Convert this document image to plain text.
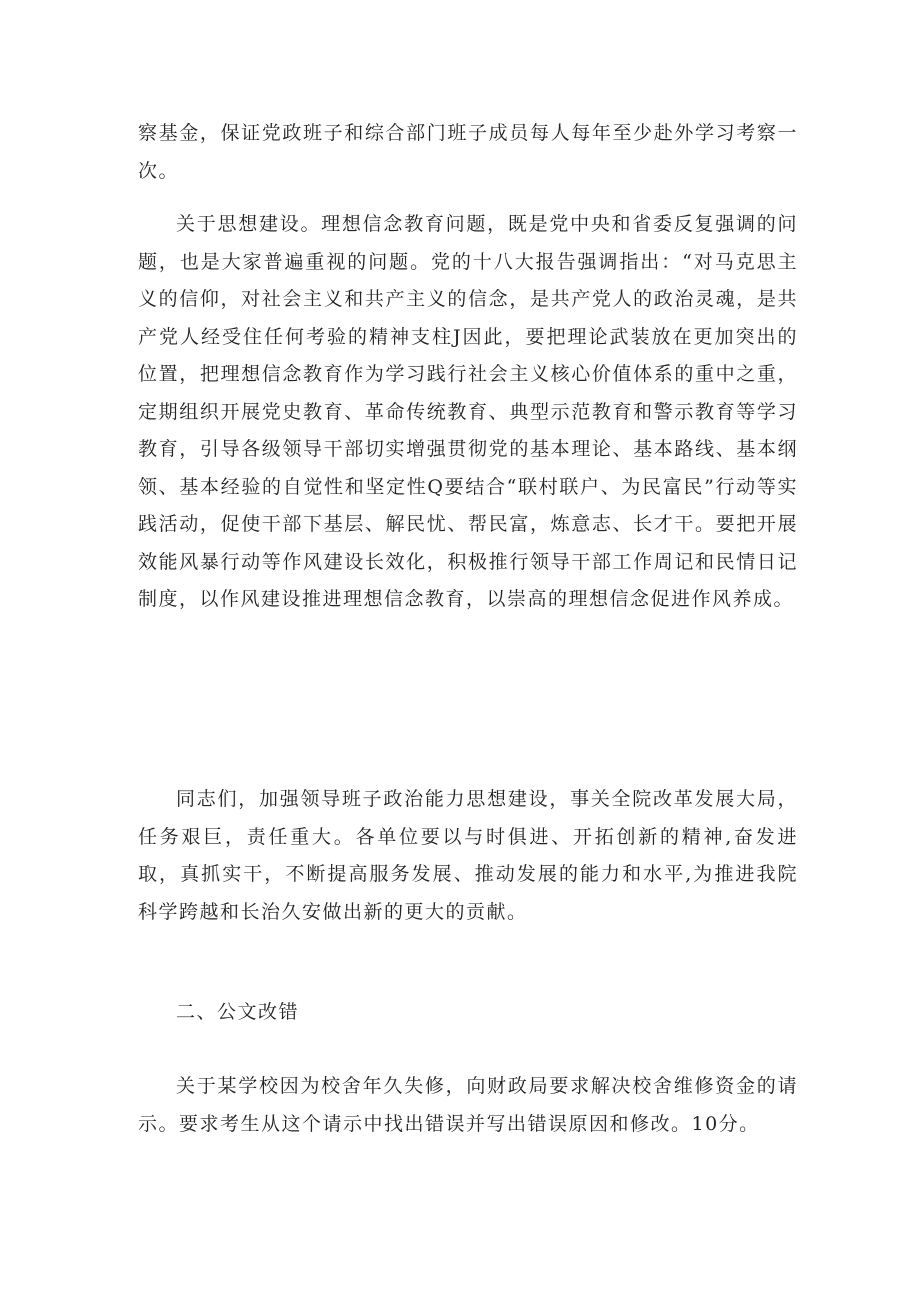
察基金，保证党政班子和综合部门班子成员每人每年至少赴外学习考察一次。

关于思想建设。理想信念教育问题，既是党中央和省委反复强调的问题，也是大家普遍重视的问题。党的十八大报告强调指出：“对马克思主义的信仰，对社会主义和共产主义的信念，是共产党人的政治灵魂，是共产党人经受住任何考验的精神支柱J因此，要把理论武装放在更加突出的位置，把理想信念教育作为学习践行社会主义核心价值体系的重中之重，定期组织开展党史教育、革命传统教育、典型示范教育和警示教育等学习教育，引导各级领导干部切实增强贯彻党的基本理论、基本路线、基本纲领、基本经验的自觉性和坚定性Q要结合“联村联户、为民富民”行动等实践活动，促使干部下基层、解民忧、帮民富，炼意志、长才干。要把开展效能风暴行动等作风建设长效化，积极推行领导干部工作周记和民情日记制度，以作风建设推进理想信念教育，以崇高的理想信念促进作风养成。

同志们，加强领导班子政治能力思想建设，事关全院改革发展大局，任务艰巨，责任重大。各单位要以与时俱进、开拓创新的精神,奋发进取，真抓实干，不断提高服务发展、推动发展的能力和水平,为推进我院科学跨越和长治久安做出新的更大的贡献。

二、公文改错

关于某学校因为校舍年久失修，向财政局要求解决校舍维修资金的请示。要求考生从这个请示中找出错误并写出错误原因和修改。10分。
